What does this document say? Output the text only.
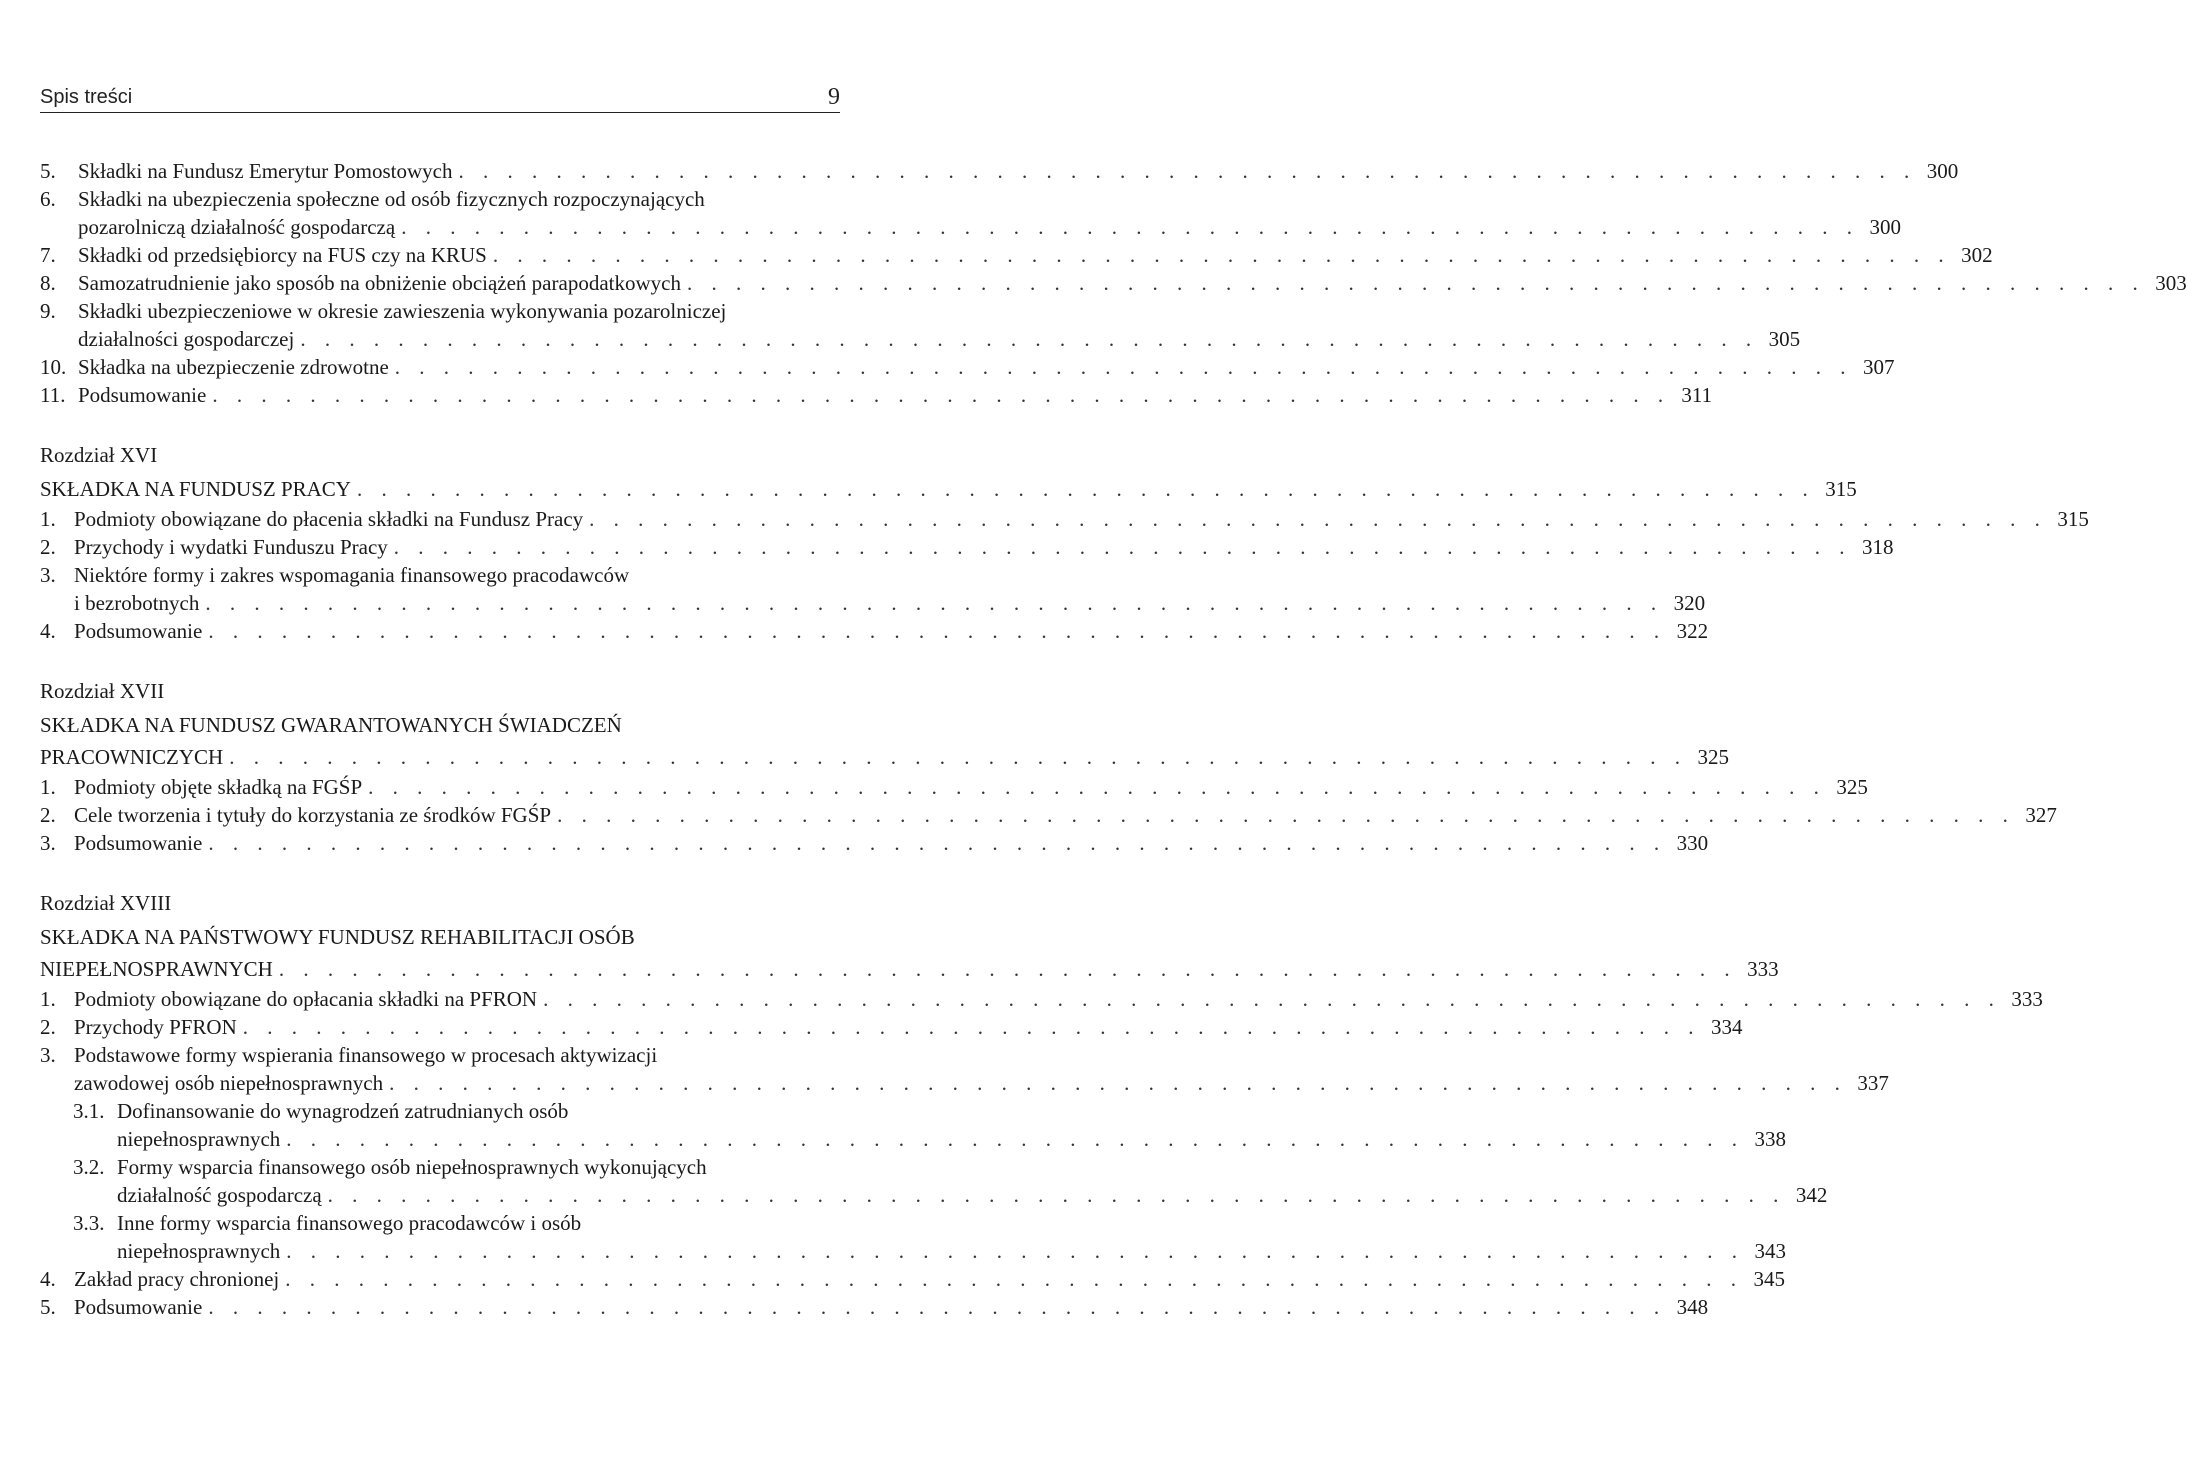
Spis treści	9
5.	Składki na Fundusz Emerytur Pomostowych . . . . . . . . . . . . . . . . . . . . . . . . . . . . . . . . . . . . . . . . . . . . . . . . . . . . . . . . . . . . 300
6.	Składki na ubezpieczenia społeczne od osób fizycznych rozpoczynających
pozarolniczą działalność gospodarczą . . . . . . . . . . . . . . . . . . . . . . . . . . . . . . . . . . . . . . . . . . . . . . . . . . . . . . . . . . . . 300
7.	Składki od przedsiębiorcy na FUS czy na KRUS . . . . . . . . . . . . . . . . . . . . . . . . . . . . . . . . . . . . . . . . . . . . . . . . . . . . . . . . . . . . 302
8.	Samozatrudnienie jako sposób na obniżenie obciążeń parapodatkowych . . . . . . . . . . . . . . . . . . . . . . . . . . . . . . . . . . . . . . . . . . . . . . . . . . . . . . . . . . . . 303
9.	Składki ubezpieczeniowe w okresie zawieszenia wykonywania pozarolniczej
działalności gospodarczej . . . . . . . . . . . . . . . . . . . . . . . . . . . . . . . . . . . . . . . . . . . . . . . . . . . . . . . . . . . . 305
10. Składka na ubezpieczenie zdrowotne . . . . . . . . . . . . . . . . . . . . . . . . . . . . . . . . . . . . . . . . . . . . . . . . . . . . . . . . . . . . 307
11. Podsumowanie . . . . . . . . . . . . . . . . . . . . . . . . . . . . . . . . . . . . . . . . . . . . . . . . . . . . . . . . . . . . 311
Rozdział XVI
SKŁADKA NA FUNDUSZ PRACY . . . . . . . . . . . . . . . . . . . . . . . . . . . . . . . . . . . . . . . . . . . . . . . . . . . . . . . . . . . . 315
1. Podmioty obowiązane do płacenia składki na Fundusz Pracy . . . . . . . . . . . . . . . . . . . . . . . . . . . . . . . . . . . . . . . . . . . . . . . . . . . . . . . . . . . . 315
2. Przychody i wydatki Funduszu Pracy . . . . . . . . . . . . . . . . . . . . . . . . . . . . . . . . . . . . . . . . . . . . . . . . . . . . . . . . . . . . 318
3. Niektóre formy i zakres wspomagania finansowego pracodawców
i bezrobotnych . . . . . . . . . . . . . . . . . . . . . . . . . . . . . . . . . . . . . . . . . . . . . . . . . . . . . . . . . . . . 320
4. Podsumowanie . . . . . . . . . . . . . . . . . . . . . . . . . . . . . . . . . . . . . . . . . . . . . . . . . . . . . . . . . . . . 322
Rozdział XVII
SKŁADKA NA FUNDUSZ GWARANTOWANYCH ŚWIADCZEŃ
PRACOWNICZYCH . . . . . . . . . . . . . . . . . . . . . . . . . . . . . . . . . . . . . . . . . . . . . . . . . . . . . . . . . . . . 325
1. Podmioty objęte składką na FGŚP . . . . . . . . . . . . . . . . . . . . . . . . . . . . . . . . . . . . . . . . . . . . . . . . . . . . . . . . . . . . 325
2. Cele tworzenia i tytuły do korzystania ze środków FGŚP . . . . . . . . . . . . . . . . . . . . . . . . . . . . . . . . . . . . . . . . . . . . . . . . . . . . . . . . . . . . 327
3. Podsumowanie . . . . . . . . . . . . . . . . . . . . . . . . . . . . . . . . . . . . . . . . . . . . . . . . . . . . . . . . . . . . 330
Rozdział XVIII
SKŁADKA NA PAŃSTWOWY FUNDUSZ REHABILITACJI OSÓB
NIEPEŁNOSPRAWNYCH . . . . . . . . . . . . . . . . . . . . . . . . . . . . . . . . . . . . . . . . . . . . . . . . . . . . . . . . . . . . 333
1. Podmioty obowiązane do opłacania składki na PFRON . . . . . . . . . . . . . . . . . . . . . . . . . . . . . . . . . . . . . . . . . . . . . . . . . . . . . . . . . . . . 333
2. Przychody PFRON . . . . . . . . . . . . . . . . . . . . . . . . . . . . . . . . . . . . . . . . . . . . . . . . . . . . . . . . . . . . 334
3. Podstawowe formy wspierania finansowego w procesach aktywizacji
zawodowej osób niepełnosprawnych . . . . . . . . . . . . . . . . . . . . . . . . . . . . . . . . . . . . . . . . . . . . . . . . . . . . . . . . . . . . 337
3.1. Dofinansowanie do wynagrodzeń zatrudnianych osób
niepełnosprawnych . . . . . . . . . . . . . . . . . . . . . . . . . . . . . . . . . . . . . . . . . . . . . . . . . . . . . . . . . . . . 338
3.2. Formy wsparcia finansowego osób niepełnosprawnych wykonujących
działalność gospodarczą . . . . . . . . . . . . . . . . . . . . . . . . . . . . . . . . . . . . . . . . . . . . . . . . . . . . . . . . . . . . 342
3.3. Inne formy wsparcia finansowego pracodawców i osób
niepełnosprawnych . . . . . . . . . . . . . . . . . . . . . . . . . . . . . . . . . . . . . . . . . . . . . . . . . . . . . . . . . . . . 343
4. Zakład pracy chronionej . . . . . . . . . . . . . . . . . . . . . . . . . . . . . . . . . . . . . . . . . . . . . . . . . . . . . . . . . . . . 345
5. Podsumowanie . . . . . . . . . . . . . . . . . . . . . . . . . . . . . . . . . . . . . . . . . . . . . . . . . . . . . . . . . . . . 348
